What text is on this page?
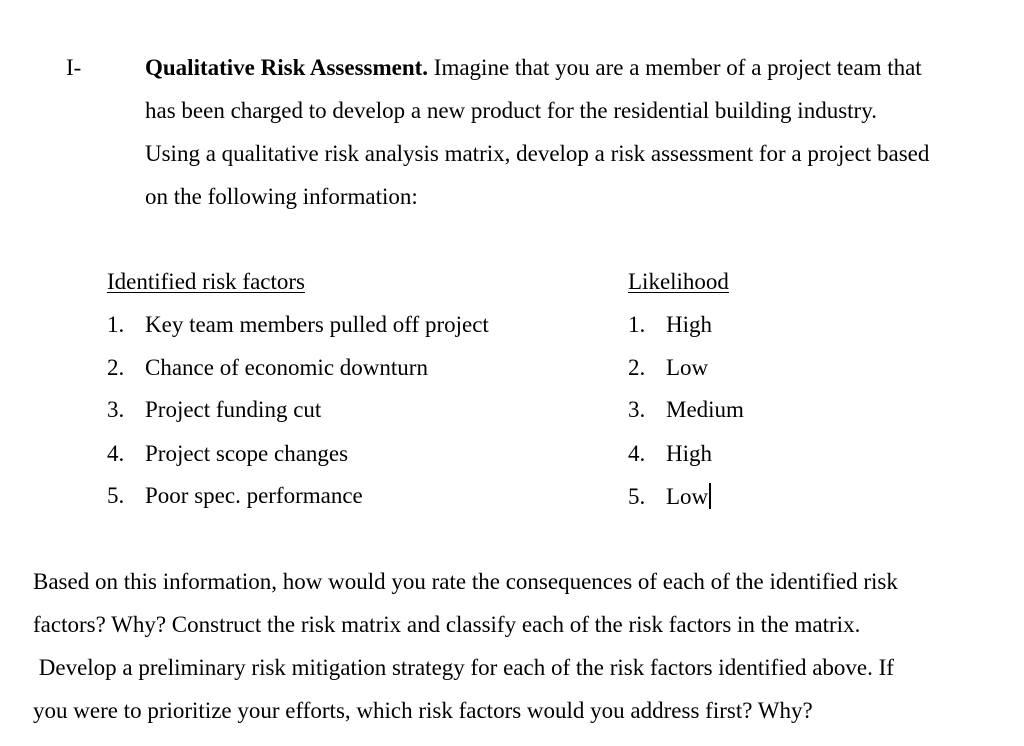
I-	Qualitative Risk Assessment. Imagine that you are a member of a project team that
has been charged to develop a new product for the residential building industry.
Using a qualitative risk analysis matrix, develop a risk assessment for a project based
on the following information:
Identified risk factors	Likelihood
1. Key team members pulled off project
2. Chance of economic downturn
3. Project funding cut
4. Project scope changes
5. Poor spec. performance
1. High
2. Low
3. Medium
4. High
5. Low
Based on this information, how would you rate the consequences of each of the identified risk
factors? Why? Construct the risk matrix and classify each of the risk factors in the matrix.
Develop a preliminary risk mitigation strategy for each of the risk factors identified above. If
you were to prioritize your efforts, which risk factors would you address first? Why?
